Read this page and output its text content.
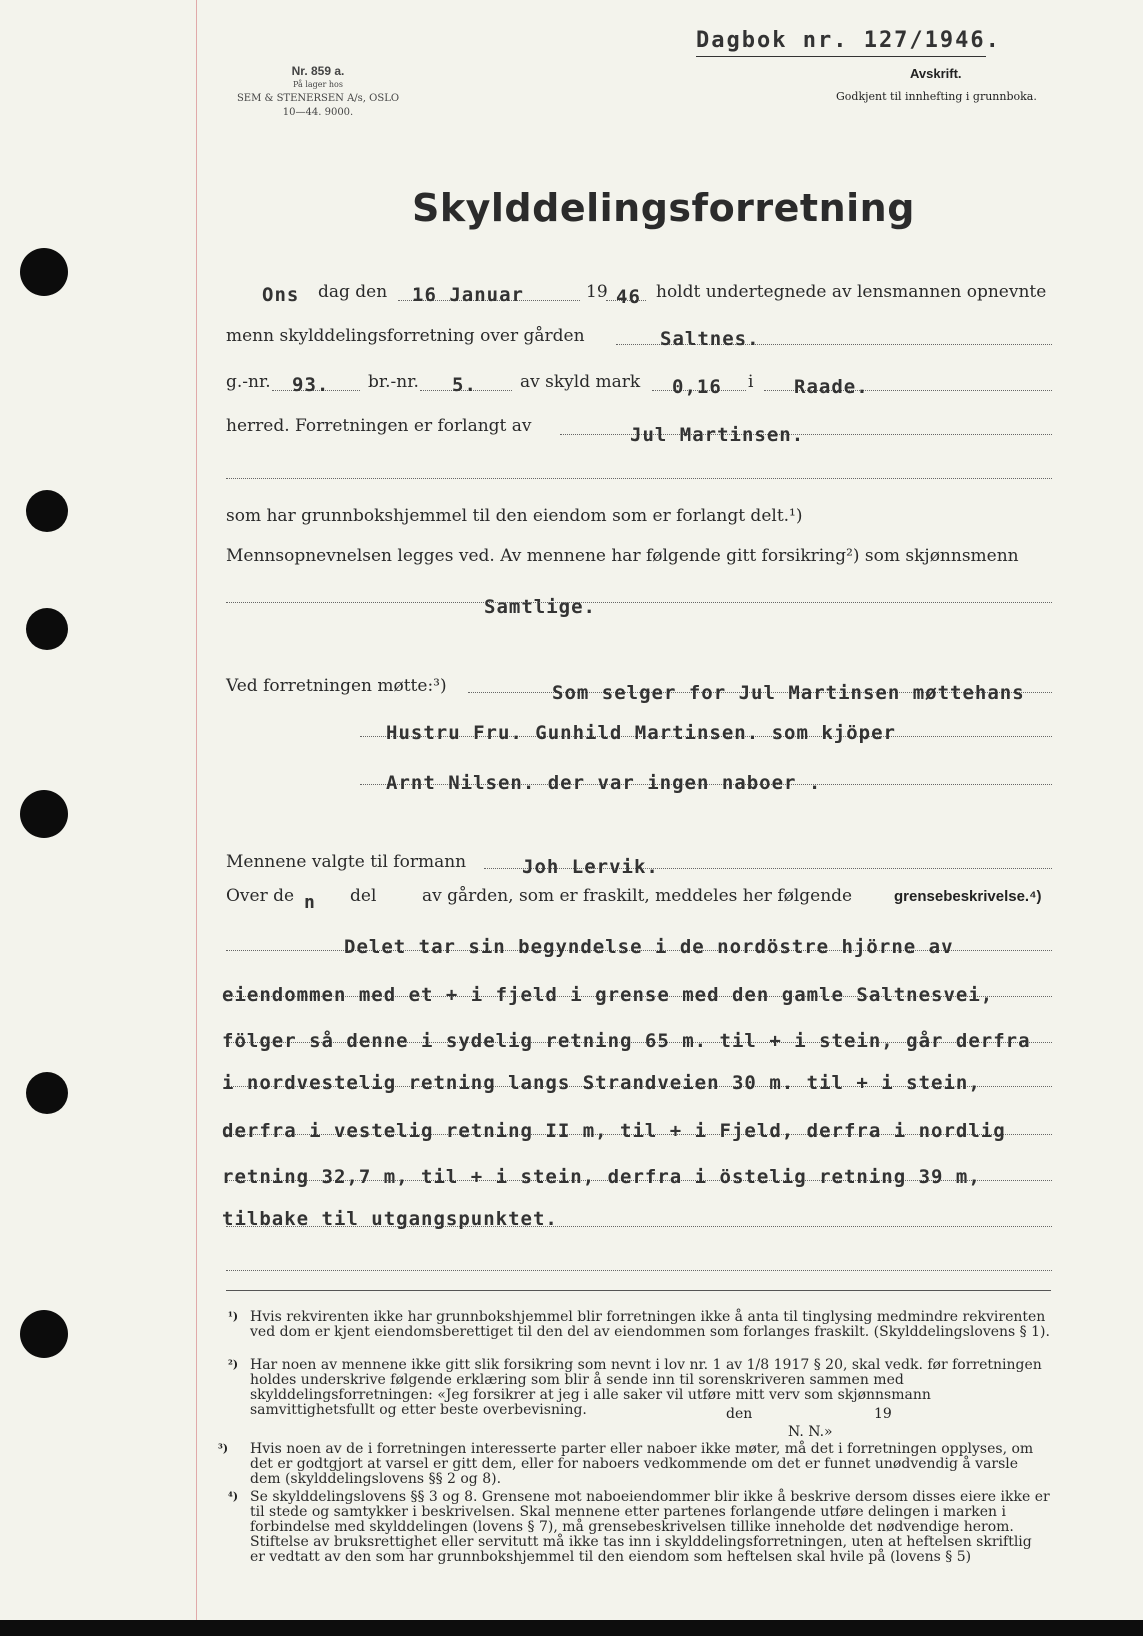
Dagbok nr. 127/1946.
Avskrift.
Godkjent til innhefting i grunnboka.
Nr. 859 a.
På lager hos
SEM & STENERSEN A/s, OSLO
10—44. 9000.
Skylddelingsforretning
Ons dag den 16 Januar	19 46 holdt undertegnede av lensmannen opnevnte
menn skylddelingsforretning over gården	Saltnes.
g.-nr. 93. br.-nr. 5.	av skyld mark 0,16 i Raade.
herred. Forretningen er forlangt av	Jul Martinsen.
som har grunnbokshjemmel til den eiendom som er forlangt delt.¹)
Mennsopnevnelsen legges ved. Av mennene har følgende gitt forsikring²) som skjønnsmenn
Samtlige.
Ved forretningen møtte:³)	Som selger for Jul Martinsen møttehans
Hustru Fru. Gunhild Martinsen. som kjöper
Arnt Nilsen. der var ingen naboer .
Mennene valgte til formann	Joh Lervik.
Over de n del	av gården, som er fraskilt, meddeles her følgende	grensebeskrivelse.⁴)
Delet tar sin begyndelse i de nordöstre hjörne av
eiendommen med et + i fjeld i grense med den gamle Saltnesvei,
fölger så denne i sydelig retning 65 m. til + i stein, går derfra
i nordvestelig retning langs Strandveien 30 m. til + i stein,
derfra i vestelig retning II m, til + i Fjeld, derfra i nordlig
retning 32,7 m, til + i stein, derfra i östelig retning 39 m,
tilbake til utgangspunktet.
¹) Hvis rekvirenten ikke har grunnbokshjemmel blir forretningen ikke å anta til tinglysing medmindre rekvirenten ved dom er kjent eiendomsberettiget til den del av eiendommen som forlanges fraskilt. (Skylddelingslovens § 1).
²) Har noen av mennene ikke gitt slik forsikring som nevnt i lov nr. 1 av 1/8 1917 § 20, skal vedk. før forretningen holdes underskrive følgende erklæring som blir å sende inn til sorenskriveren sammen med skylddelingsforretningen: «Jeg forsikrer at jeg i alle saker vil utføre mitt verv som skjønnsmann samvittighetsfullt og etter beste overbevisning.	den	19
N. N.»
³) Hvis noen av de i forretningen interesserte parter eller naboer ikke møter, må det i forretningen opplyses, om det er godtgjort at varsel er gitt dem, eller for naboers vedkommende om det er funnet unødvendig å varsle dem (skylddelingslovens §§ 2 og 8).
⁴) Se skylddelingslovens §§ 3 og 8. Grensene mot naboeiendommer blir ikke å beskrive dersom disses eiere ikke er til stede og samtykker i beskrivelsen. Skal mennene etter partenes forlangende utføre delingen i marken i forbindelse med skylddelingen (lovens § 7), må grensebeskrivelsen tillike inneholde det nødvendige herom. Stiftelse av bruksrettighet eller servitutt må ikke tas inn i skylddelingsforretningen, uten at heftelsen skriftlig er vedtatt av den som har grunnbokshjemmel til den eiendom som heftelsen skal hvile på (lovens § 5)
